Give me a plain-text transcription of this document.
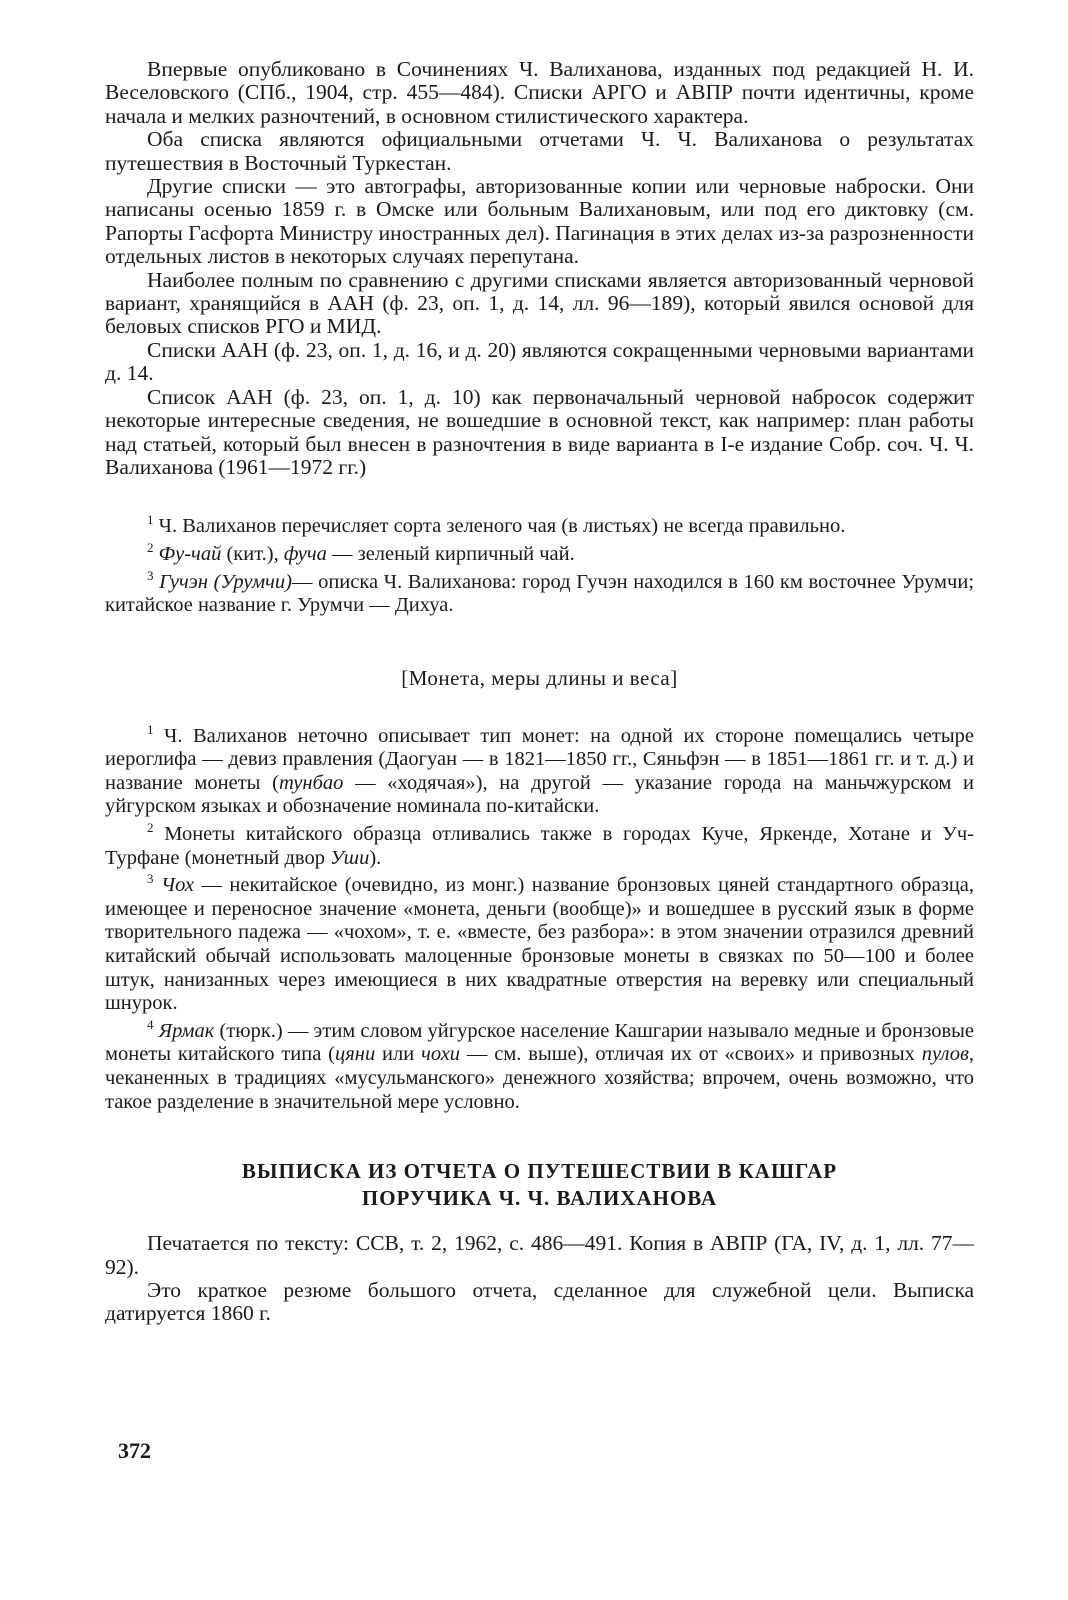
Впервые опубликовано в Сочинениях Ч. Валиханова, изданных под редакцией Н. И. Веселовского (СПб., 1904, стр. 455—484). Списки АРГО и АВПР почти идентичны, кроме начала и мелких разночтений, в основном стилистического характера.

Оба списка являются официальными отчетами Ч. Ч. Валиханова о результатах путешествия в Восточный Туркестан.

Другие списки — это автографы, авторизованные копии или черновые наброски. Они написаны осенью 1859 г. в Омске или больным Валихановым, или под его диктовку (см. Рапорты Гасфорта Министру иностранных дел). Пагинация в этих делах из-за разрозненности отдельных листов в некоторых случаях перепутана.

Наиболее полным по сравнению с другими списками является авторизованный черновой вариант, хранящийся в ААН (ф. 23, оп. 1, д. 14, лл. 96—189), который явился основой для беловых списков РГО и МИД.

Списки ААН (ф. 23, оп. 1, д. 16, и д. 20) являются сокращенными черновыми вариантами д. 14.

Список ААН (ф. 23, оп. 1, д. 10) как первоначальный черновой набросок содержит некоторые интересные сведения, не вошедшие в основной текст, как например: план работы над статьей, который был внесен в разночтения в виде варианта в I-е издание Собр. соч. Ч. Ч. Валиханова (1961—1972 гг.)

$^1$ Ч. Валиханов перечисляет сорта зеленого чая (в листьях) не всегда правильно.

$^2$ Фу-чай (кит.), фуча — зеленый кирпичный чай.

$^3$ Гучэн (Урумчи)— описка Ч. Валиханова: город Гучэн находился в 160 км восточнее Урумчи; китайское название г. Урумчи — Дихуа.

[Монета, меры длины и веса]

$^1$ Ч. Валиханов неточно описывает тип монет: на одной их стороне помещались четыре иероглифа — девиз правления (Даогуан — в 1821—1850 гг., Сяньфэн — в 1851—1861 гг. и т. д.) и название монеты (тунбао — «ходячая»), на другой — указание города на маньчжурском и уйгурском языках и обозначение номинала по-китайски.

$^2$ Монеты китайского образца отливались также в городах Куче, Яркенде, Хотане и Уч-Турфане (монетный двор Ушu).

$^3$ Чох — некитайское (очевидно, из монг.) название бронзовых цяней стандартного образца, имеющее и переносное значение «монета, деньги (вообще)» и вошедшее в русский язык в форме творительного падежа — «чохом», т. е. «вместе, без разбора»: в этом значении отразился древний китайский обычай использовать малоценные бронзовые монеты в связках по 50—100 и более штук, нанизанных через имеющиеся в них квадратные отверстия на веревку или специальный шнурок.

$^4$ Ярмак (тюрк.) — этим словом уйгурское население Кашгарии называло медные и бронзовые монеты китайского типа (цяни или чохи — см. выше), отличая их от «своих» и привозных пулов, чеканенных в традициях «мусульманского» денежного хозяйства; впрочем, очень возможно, что такое разделение в значительной мере условно.

ВЫПИСКА ИЗ ОТЧЕТА О ПУТЕШЕСТВИИ В КАШГАР
ПОРУЧИКА Ч. Ч. ВАЛИХАНОВА

Печатается по тексту: ССВ, т. 2, 1962, с. 486—491. Копия в АВПР (ГА, IV, д. 1, лл. 77—92).

Это краткое резюме большого отчета, сделанное для служебной цели. Выписка датируется 1860 г.

372
